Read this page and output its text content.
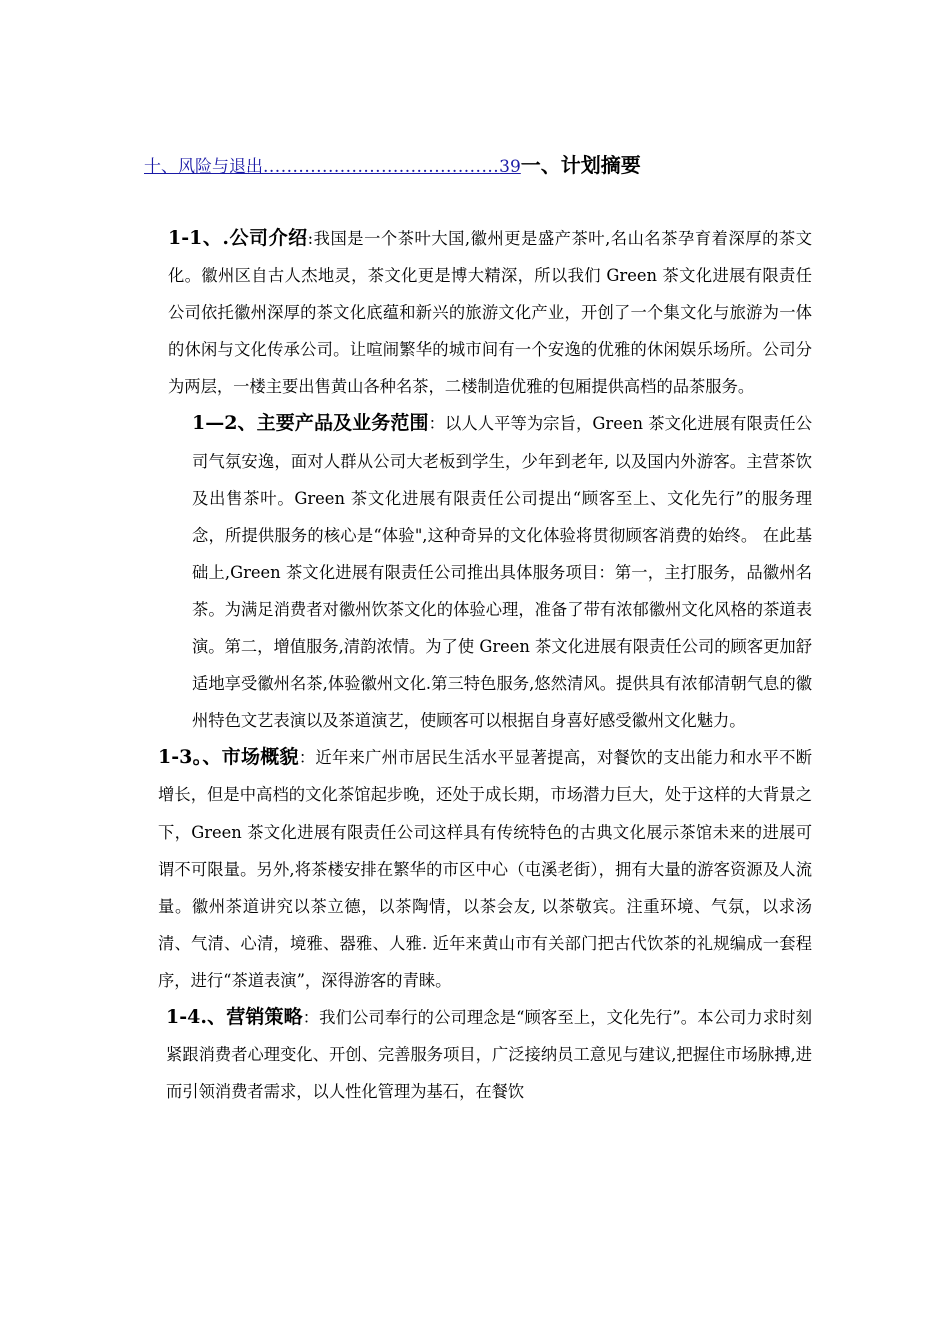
十、风险与退出........................................39一、计划摘要

1-1、.公司介绍:我国是一个茶叶大国,徽州更是盛产茶叶,名山名茶孕育着深厚的茶文化。徽州区自古人杰地灵，茶文化更是博大精深，所以我们 Green 茶文化进展有限责任公司依托徽州深厚的茶文化底蕴和新兴的旅游文化产业，开创了一个集文化与旅游为一体的休闲与文化传承公司。让喧闹繁华的城市间有一个安逸的优雅的休闲娱乐场所。公司分为两层，一楼主要出售黄山各种名茶，二楼制造优雅的包厢提供高档的品茶服务。

1—2、主要产品及业务范围：以人人平等为宗旨，Green 茶文化进展有限责任公司气氛安逸，面对人群从公司大老板到学生，少年到老年, 以及国内外游客。主营茶饮及出售茶叶。Green 茶文化进展有限责任公司提出“顾客至上、文化先行”的服务理念，所提供服务的核心是“体验",这种奇异的文化体验将贯彻顾客消费的始终。 在此基础上,Green 茶文化进展有限责任公司推出具体服务项目：第一，主打服务，品徽州名茶。为满足消费者对徽州饮茶文化的体验心理，准备了带有浓郁徽州文化风格的茶道表演。第二，增值服务,清韵浓情。为了使 Green 茶文化进展有限责任公司的顾客更加舒适地享受徽州名茶,体验徽州文化.第三特色服务,悠然清风。提供具有浓郁清朝气息的徽州特色文艺表演以及茶道演艺，使顾客可以根据自身喜好感受徽州文化魅力。

1-3。、市场概貌：近年来广州市居民生活水平显著提高，对餐饮的支出能力和水平不断增长，但是中高档的文化茶馆起步晚，还处于成长期，市场潜力巨大，处于这样的大背景之下，Green 茶文化进展有限责任公司这样具有传统特色的古典文化展示茶馆未来的进展可谓不可限量。另外,将茶楼安排在繁华的市区中心（屯溪老街），拥有大量的游客资源及人流量。徽州茶道讲究以茶立德，以茶陶情，以茶会友, 以茶敬宾。注重环境、气氛，以求汤清、气清、心清，境雅、器雅、人雅. 近年来黄山市有关部门把古代饮茶的礼规编成一套程序，进行“茶道表演”，深得游客的青睐。

1-4.、营销策略：我们公司奉行的公司理念是“顾客至上，文化先行”。本公司力求时刻紧跟消费者心理变化、开创、完善服务项目，广泛接纳员工意见与建议,把握住市场脉搏,进而引领消费者需求，以人性化管理为基石，在餐饮
